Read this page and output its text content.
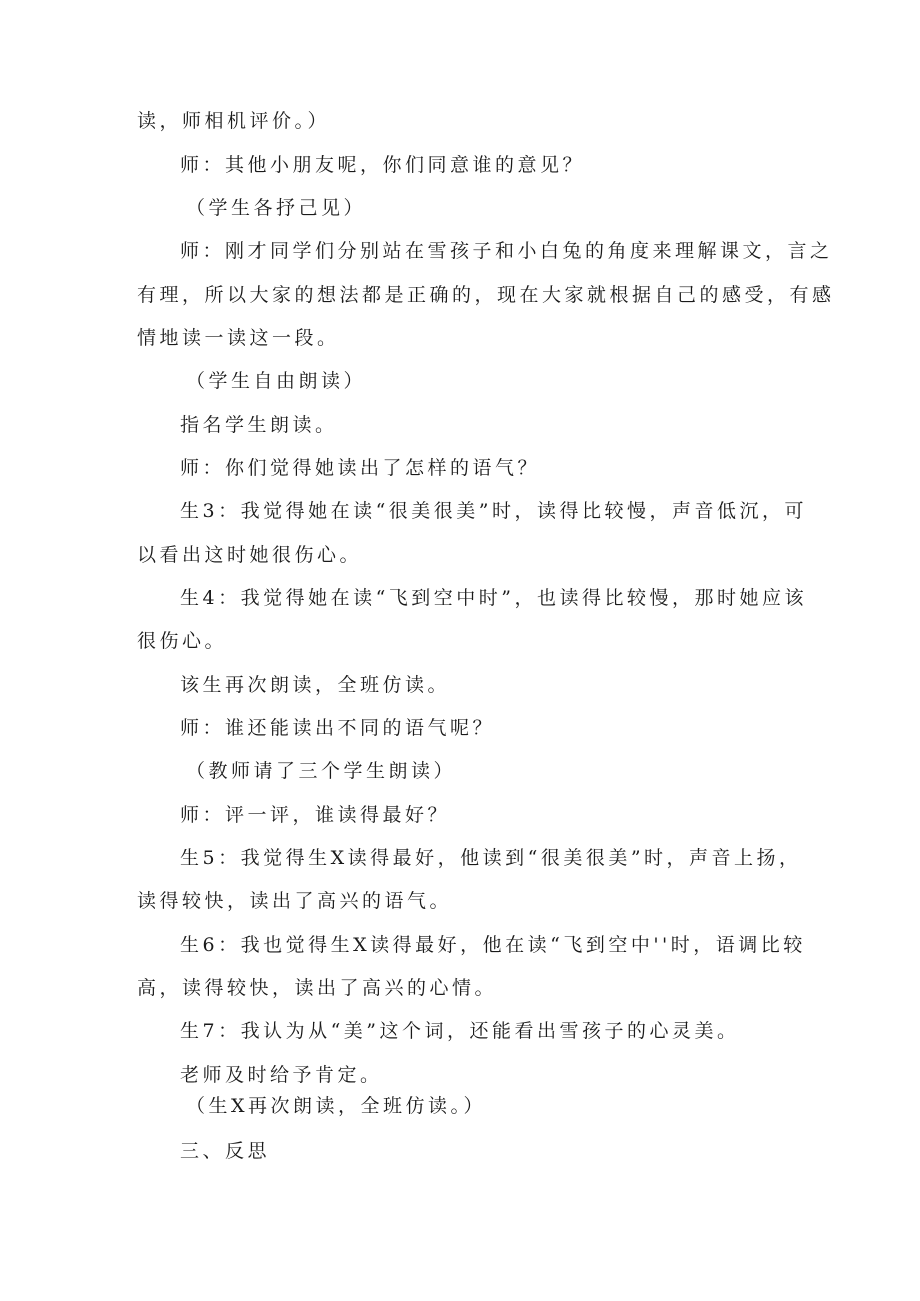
读，师相机评价。）
师：其他小朋友呢，你们同意谁的意见？
（学生各抒己见）
师：刚才同学们分别站在雪孩子和小白兔的角度来理解课文，言之
有理，所以大家的想法都是正确的，现在大家就根据自己的感受，有感
情地读一读这一段。
（学生自由朗读）
指名学生朗读。
师：你们觉得她读出了怎样的语气？
生3：我觉得她在读“很美很美”时，读得比较慢，声音低沉，可
以看出这时她很伤心。
生4：我觉得她在读“飞到空中时”，也读得比较慢，那时她应该
很伤心。
该生再次朗读，全班仿读。
师：谁还能读出不同的语气呢？
（教师请了三个学生朗读）
师：评一评，谁读得最好？
生5：我觉得生X读得最好，他读到“很美很美”时，声音上扬，
读得较快，读出了高兴的语气。
生6：我也觉得生X读得最好，他在读“飞到空中''时，语调比较
高，读得较快，读出了高兴的心情。
生7：我认为从“美”这个词，还能看出雪孩子的心灵美。
老师及时给予肯定。
（生X再次朗读，全班仿读。）
三、反思
